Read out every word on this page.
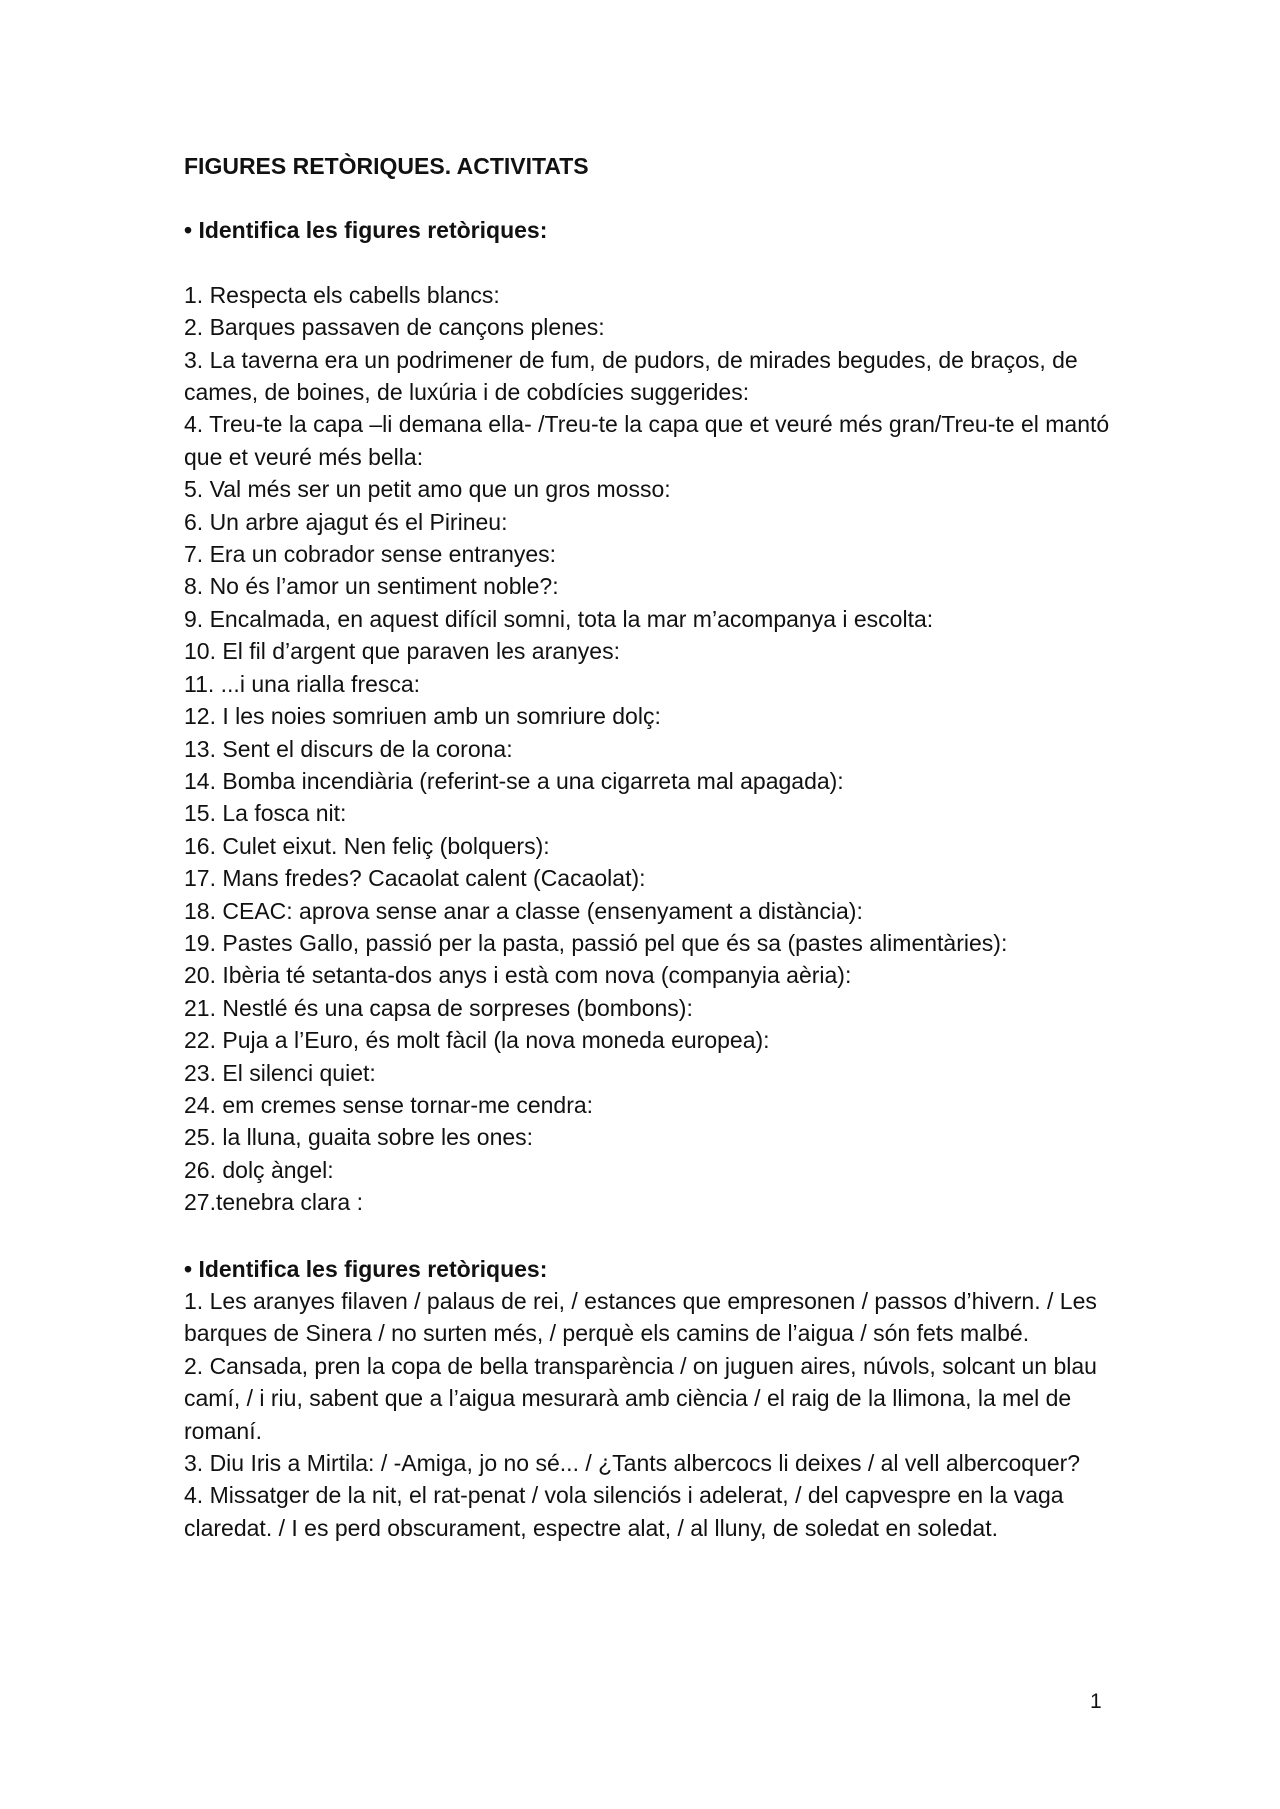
FIGURES RETÒRIQUES. ACTIVITATS
• Identifica les figures retòriques:
1. Respecta els cabells blancs:
2. Barques passaven de cançons plenes:
3. La taverna era un podrimener de fum, de pudors, de mirades begudes, de braços, de cames, de boines, de luxúria i de cobdícies suggerides:
4. Treu-te la capa –li demana ella- /Treu-te la capa que et veuré més gran/Treu-te el mantó que et veuré més bella:
5. Val més ser un petit amo que un gros mosso:
6. Un arbre ajagut és el Pirineu:
7. Era un cobrador sense entranyes:
8. No és l’amor un sentiment noble?:
9. Encalmada, en aquest difícil somni, tota la mar m’acompanya i escolta:
10. El fil d’argent que paraven les aranyes:
11. ...i una rialla fresca:
12. I les noies somriuen amb un somriure dolç:
13. Sent el discurs de la corona:
14. Bomba incendiària (referint-se a una cigarreta mal apagada):
15. La fosca nit:
16. Culet eixut. Nen feliç (bolquers):
17. Mans fredes? Cacaolat calent (Cacaolat):
18. CEAC: aprova sense anar a classe (ensenyament a distància):
19. Pastes Gallo, passió per la pasta, passió pel que és sa (pastes alimentàries):
20. Ibèria té setanta-dos anys i està com nova (companyia aèria):
21. Nestlé és una capsa de sorpreses (bombons):
22. Puja a l’Euro, és molt fàcil (la nova moneda europea):
23. El silenci quiet:
24. em cremes sense tornar-me cendra:
25. la lluna, guaita sobre les ones:
26. dolç àngel:
27.tenebra clara :
• Identifica les figures retòriques:
1. Les aranyes filaven / palaus de rei, / estances que empresonen / passos d’hivern. / Les barques de Sinera / no surten més, / perquè els camins de l’aigua / són fets malbé.
2. Cansada, pren la copa de bella transparència / on juguen aires, núvols, solcant un blau camí, / i riu, sabent que a l’aigua mesurarà amb ciència / el raig de la llimona, la mel de romaní.
3. Diu Iris a Mirtila: / -Amiga, jo no sé... / ¿Tants albercocs li deixes / al vell albercoquer?
4. Missatger de la nit, el rat-penat / vola silenciós i adelerat, / del capvespre en la vaga claredat. / I es perd obscurament, espectre alat, / al lluny, de soledat en soledat.
1
